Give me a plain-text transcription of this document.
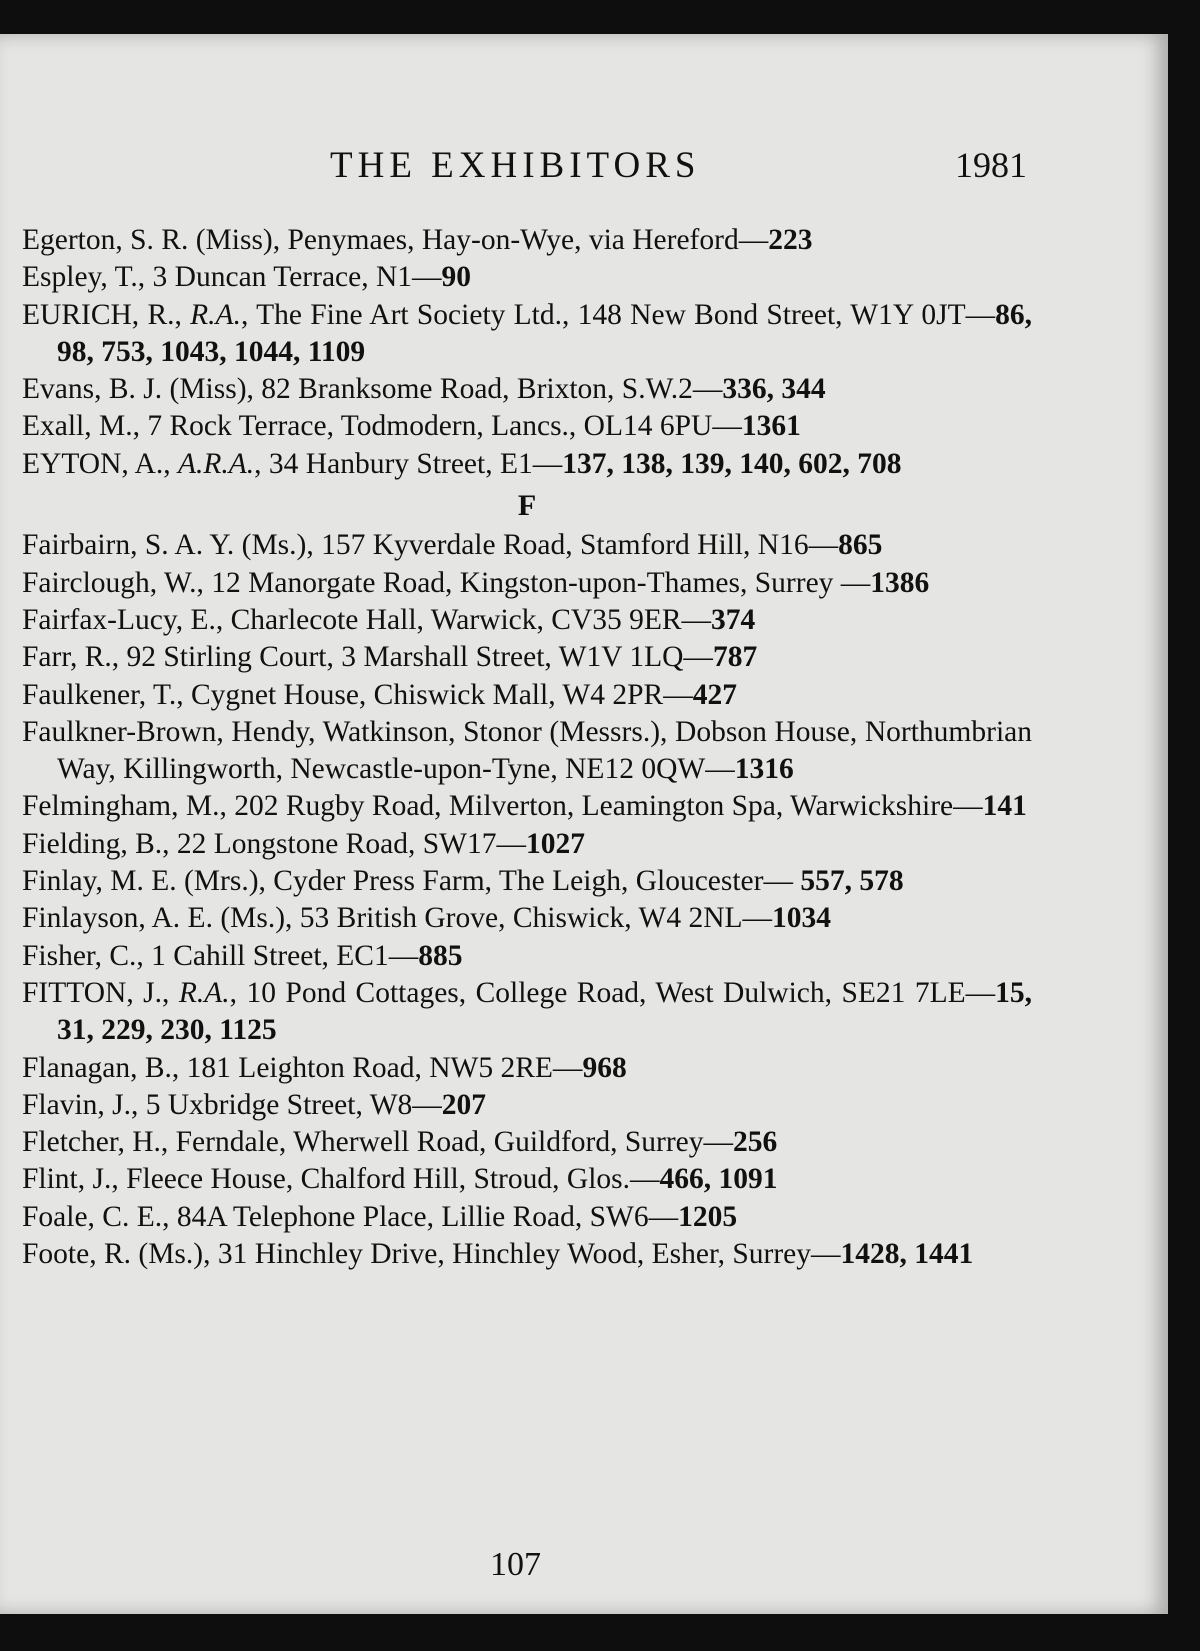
THE EXHIBITORS	1981
Egerton, S. R. (Miss), Penymaes, Hay-on-Wye, via Hereford—223
Espley, T., 3 Duncan Terrace, N1—90
EURICH, R., R.A., The Fine Art Society Ltd., 148 New Bond Street, W1Y 0JT—86, 98, 753, 1043, 1044, 1109
Evans, B. J. (Miss), 82 Branksome Road, Brixton, S.W.2—336, 344
Exall, M., 7 Rock Terrace, Todmodern, Lancs., OL14 6PU—1361
EYTON, A., A.R.A., 34 Hanbury Street, E1—137, 138, 139, 140, 602, 708
F
Fairbairn, S. A. Y. (Ms.), 157 Kyverdale Road, Stamford Hill, N16—865
Fairclough, W., 12 Manorgate Road, Kingston-upon-Thames, Surrey —1386
Fairfax-Lucy, E., Charlecote Hall, Warwick, CV35 9ER—374
Farr, R., 92 Stirling Court, 3 Marshall Street, W1V 1LQ—787
Faulkener, T., Cygnet House, Chiswick Mall, W4 2PR—427
Faulkner-Brown, Hendy, Watkinson, Stonor (Messrs.), Dobson House, Northumbrian Way, Killingworth, Newcastle-upon-Tyne, NE12 0QW—1316
Felmingham, M., 202 Rugby Road, Milverton, Leamington Spa, Warwickshire—141
Fielding, B., 22 Longstone Road, SW17—1027
Finlay, M. E. (Mrs.), Cyder Press Farm, The Leigh, Gloucester— 557, 578
Finlayson, A. E. (Ms.), 53 British Grove, Chiswick, W4 2NL—1034
Fisher, C., 1 Cahill Street, EC1—885
FITTON, J., R.A., 10 Pond Cottages, College Road, West Dulwich, SE21 7LE—15, 31, 229, 230, 1125
Flanagan, B., 181 Leighton Road, NW5 2RE—968
Flavin, J., 5 Uxbridge Street, W8—207
Fletcher, H., Ferndale, Wherwell Road, Guildford, Surrey—256
Flint, J., Fleece House, Chalford Hill, Stroud, Glos.—466, 1091
Foale, C. E., 84A Telephone Place, Lillie Road, SW6—1205
Foote, R. (Ms.), 31 Hinchley Drive, Hinchley Wood, Esher, Surrey—1428, 1441
107
